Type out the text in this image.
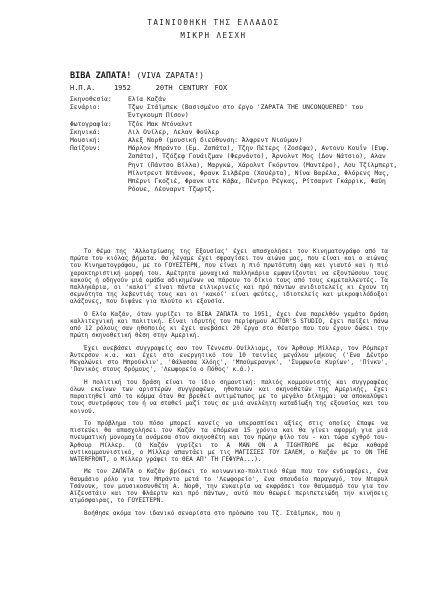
ΤΑΙΝΙΟΘΗΚΗ ΤΗΣ ΕΛΛΑΔΟΣ
ΜΙΚΡΗ ΛΕΣΧΗ
ΒΙΒΑ ΖΑΠΑΤΑ! (VIVA ZAPATA!)
Η.Π.Α.	1952	20TH CENTURY FOX
Σκηνοθεσία:	Ελία Καζάν
Σενάριο:	Τζων Στάϊμπεκ (Βασισμένο στο έργο 'ZAPATA THE UNCONQUERED' του Έντγκουμπ Πίσον)
Φωτογραφία:	Τζόε Μακ Ντόναλντ
Σκηνικά:	Λιλ Ουίλερ, Λελαν Φούλερ
Μουσική:	Αλεξ Νορθ (μουσική διεύθυνση: Άλφρεντ Νιούμαν)
Παίζουν:	Μάρλον Μπράντο (Εμ. Ζαπάτα), Τζην Πέτερς (Ζοσέφα), Αντονυ Κουΐν (Ευφ. Ζαπάτα), Τζόζεφ Γουάιζμαν (Φερνάντο), Άρνολντ Μος (Δον Νάτσιο), Αλαν Ρηντ (Πάντσο Βίλλα), Μαργκώ, Χάρολντ Γκόρντον (Μαντέρο), Λου Τζίλμπερτ, Μίλντρεντ Ντάννοκ, Φρανκ Σιλβέρα (Χουέρτα), Νίνα Βαρέλα, Φλόρενς Μας, Μπέρνι Γκοζιέ, Φρανκ υτε Κάβα, Πέντρο Ρέγκας, Ρίτσαρντ Γκάρρικ, Φαϋη Ρόουε, Λέοναρντ Τζωρτζ.

Το θέμα της 'Αλλοτρίωσης της Εξουσίας' έχει απασχολήσει τον Κινηματογράφο από τα πρώτα του κιόλας βήματα. Θα λέγαμε έχει σφραγίσει τον αιώνα μας, που είναι και ο αιώνας του Κινηματογράφου, με το ΓΟΥΕΣΤΕΡΝ, που είναι η πιό πρωτότυπη όψη και γιαυτό και η πιό χαρακτηριστική μορφή του. Αμέτρητα μοναχικά παλληκάρια εμφανίζονται να εξοντώσουν τους κακούς ή οδηγούν μιά ομάδα αδικημένων να πάρουν το δίκιο τους από τους εκμεταλλευτές. Τα παλληκάρια, οι 'καλοί' είναι πάντα ειλικρινείς και πρό πάντων ανιδιοτελείς κι έχουν τη σεμνότητα της λεβεντιάς τους και οι 'κακοί' είναι φεύτες, ιδιοτελείς και μικροφιλόδοξοι αλάζονες, που διψάνε για πλούτο κι εξουσία.

Ο Ελία Καζάν, όταν γυρίζει το ΒΙΒΑ ΖΑΠΑΤΑ το 1951, έχει ένα παρελθόν γεμάτο δράση καλλιτεχνική και πολιτική. Είναι ιδρυτής του περίφημου ACTOR'S STUDIO, έχει παίξει πάνω από 12 ρόλους σαν ηθοποιός κι έχει ανεβάσει 20 έργα στο θέατρο που του έχουν δώσει την πρώτη σκηνοθετική θέση στην Αμερική.

Έχει ανεβάσει συγγραφείς σαν τον Τέννεσυ Ουίλλιαμς, τον Άρθουρ Μίλλερ, τον Ρόμπερτ Άντερσον κ.α. και έχει στο ενεργητικό του 10 ταινίες μεγάλου μήκους ('Ενα Δέντρο Μεγαλώνει στο Μπρούκλιν', 'Θάλασσα Χλόης', 'Μπούμερανγκ', 'Συμφωνία Κυρίων', 'Πίνκυ', 'Πανικός στους δρόμους', 'Λεωφορείο ο Πόθος' κ.ά.).

Η πολιτική του δράση είναι το ίδιο σημαντική: παλιός κομμουνιστής και συγγραφέας όλων εκείνων των αριστερών συγγραφέων, ηθοποιών και σκηνοθετών της Αμερικής, έχει παραιτηθεί από το κόμμα όταν θα βρεθεί αντιμέτωπος με το μεγάλο δίλημμα: να αποκαλύψει τους συντρόφους του ή να σταθεί μαζί τους σε μιά ανελέητη καταδίωξη της εξουσίας και του κοινού.

Το πρόβλημα του πόσο μπορεί κανείς να υπερασπίσει αξίες στις οποίες έπαψε να πιστεύει θα απασχολήσει τον Καζάν τα επόμενα 15 χρόνια και θα γίνει αφορμή για μιά πνευματική μονομαχία ανάμεσα στον σκηνοθέτη και τον πρώην φίλο του - και τώρα εχθρό του- Άρθουρ Μίλλερ. (Ο Καζάν γυρίζει το A MAN ON A TIGHTROPE με θέμα καθαρά αντικομμουνιστικό, ο Μίλλερ απαντάει με τις ΜΑΓΙΣΣΕΣ ΤΟΥ ΣΑΛΕΜ, ο Καζάν με το ON THE WATERFRONT, ο Μίλλερ γράφει το ΘΕΑ ΑΠ' ΤΗ ΓΕΦΥΡΑ...).

Με τον ΖΑΠΑΤΑ ο Καζάν βρίσκει το κοινωνικο-πολιτικό θέμα που τον ενδιαφέρει, ένα θαυμάσιο ρόλο για τον Μπράντο μετά το 'Λεωφορείο', ένα σπουδαίο παραγωγό, τον Νταρυλ Τσάνουκ, τον μουσικοσυνθέτη Α. Νορθ, την ευκαιρία να εκφράσει τον θαυμασμό του για τον Αϊζενστάιν και τον Φλάερτυ και πρό πάντων, αυτό που θεωρεί περιπετειώδη την κινήσεις ατμόσφαιρας, το ΓΟΥΕΣΤΕΡΝ.

Βοήθησε ακόμα τον ιδανικό σεναρίστα στο πρόσωπο του Τζ. Στάϊμπεκ, που η
